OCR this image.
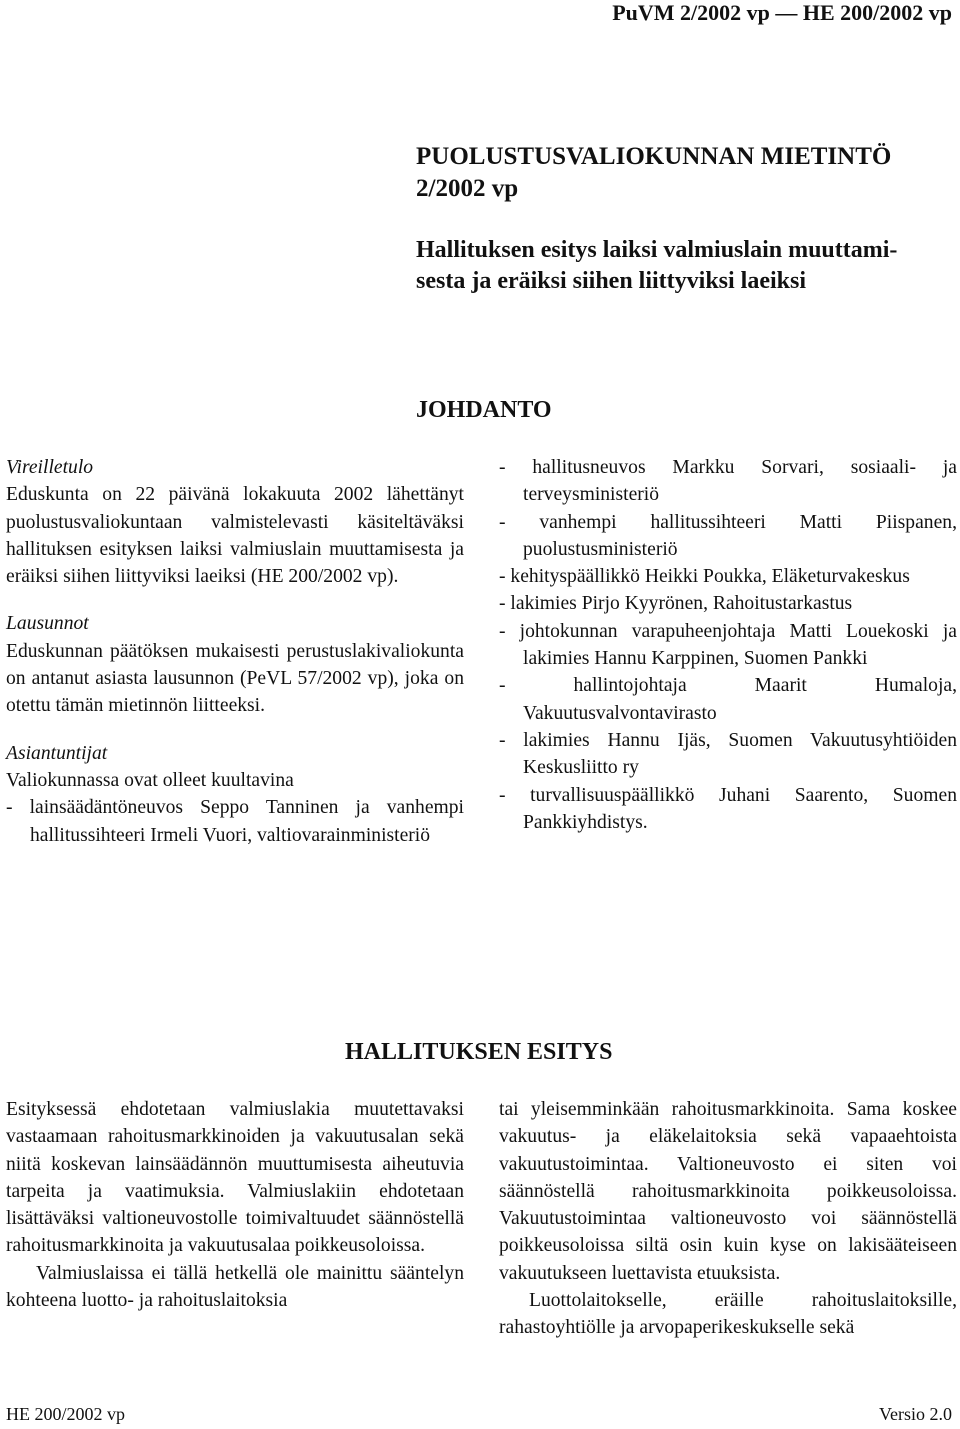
PuVM 2/2002 vp — HE 200/2002 vp
PUOLUSTUSVALIOKUNNAN MIETINTÖ
2/2002 vp
Hallituksen esitys laiksi valmiuslain muuttami-
sesta ja eräiksi siihen liittyviksi laeiksi
JOHDANTO

Vireilletulo

Eduskunta on 22 päivänä lokakuuta 2002 lähettänyt puolustusvaliokuntaan valmistelevasti käsiteltäväksi hallituksen esityksen laiksi valmiuslain muuttamisesta ja eräiksi siihen liittyviksi laeiksi (HE 200/2002 vp).

Lausunnot

Eduskunnan päätöksen mukaisesti perustuslakivaliokunta on antanut asiasta lausunnon (PeVL 57/2002 vp), joka on otettu tämän mietinnön liitteeksi.

Asiantuntijat

Valiokunnassa ovat olleet kuultavina

- lainsäädäntöneuvos Seppo Tanninen ja vanhempi hallitussihteeri Irmeli Vuori, valtiovarainministeriö

- hallitusneuvos Markku Sorvari, sosiaali- ja terveysministeriö

- vanhempi hallitussihteeri Matti Piispanen, puolustusministeriö

- kehityspäällikkö Heikki Poukka, Eläketurvakeskus

- lakimies Pirjo Kyyrönen, Rahoitustarkastus

- johtokunnan varapuheenjohtaja Matti Louekoski ja lakimies Hannu Karppinen, Suomen Pankki

- hallintojohtaja Maarit Humaloja, Vakuutusvalvontavirasto

- lakimies Hannu Ijäs, Suomen Vakuutusyhtiöiden Keskusliitto ry

- turvallisuuspäällikkö Juhani Saarento, Suomen Pankkiyhdistys.

HALLITUKSEN ESITYS

Esityksessä ehdotetaan valmiuslakia muutettavaksi vastaamaan rahoitusmarkkinoiden ja vakuutusalan sekä niitä koskevan lainsäädännön muuttumisesta aiheutuvia tarpeita ja vaatimuksia. Valmiuslakiin ehdotetaan lisättäväksi valtioneuvostolle toimivaltuudet säännöstellä rahoitusmarkkinoita ja vakuutusalaa poikkeusoloissa.

Valmiuslaissa ei tällä hetkellä ole mainittu sääntelyn kohteena luotto- ja rahoituslaitoksia

tai yleisemminkään rahoitusmarkkinoita. Sama koskee vakuutus- ja eläkelaitoksia sekä vapaaehtoista vakuutustoimintaa. Valtioneuvosto ei siten voi säännöstellä rahoitusmarkkinoita poikkeusoloissa. Vakuutustoimintaa valtioneuvosto voi säännöstellä poikkeusoloissa siltä osin kuin kyse on lakisääteiseen vakuutukseen luettavista etuuksista.

Luottolaitokselle, eräille rahoituslaitoksille, rahastoyhtiölle ja arvopaperikeskukselle sekä

HE 200/2002 vp	Versio 2.0
